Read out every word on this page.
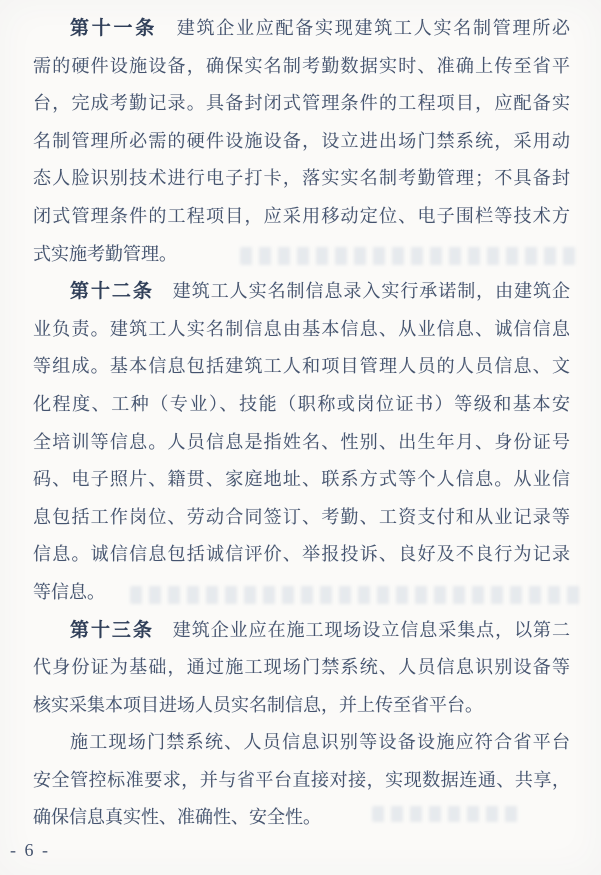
第十一条　建筑企业应配备实现建筑工人实名制管理所必
需的硬件设施设备，确保实名制考勤数据实时、准确上传至省平
台，完成考勤记录。具备封闭式管理条件的工程项目，应配备实
名制管理所必需的硬件设施设备，设立进出场门禁系统，采用动
态人脸识别技术进行电子打卡，落实实名制考勤管理；不具备封
闭式管理条件的工程项目，应采用移动定位、电子围栏等技术方
式实施考勤管理。
第十二条　建筑工人实名制信息录入实行承诺制，由建筑企
业负责。建筑工人实名制信息由基本信息、从业信息、诚信信息
等组成。基本信息包括建筑工人和项目管理人员的人员信息、文
化程度、工种（专业）、技能（职称或岗位证书）等级和基本安
全培训等信息。人员信息是指姓名、性别、出生年月、身份证号
码、电子照片、籍贯、家庭地址、联系方式等个人信息。从业信
息包括工作岗位、劳动合同签订、考勤、工资支付和从业记录等
信息。诚信信息包括诚信评价、举报投诉、良好及不良行为记录
等信息。
第十三条　建筑企业应在施工现场设立信息采集点，以第二
代身份证为基础，通过施工现场门禁系统、人员信息识别设备等
核实采集本项目进场人员实名制信息，并上传至省平台。
施工现场门禁系统、人员信息识别等设备设施应符合省平台
安全管控标准要求，并与省平台直接对接，实现数据连通、共享，
确保信息真实性、准确性、安全性。
- 6 -
